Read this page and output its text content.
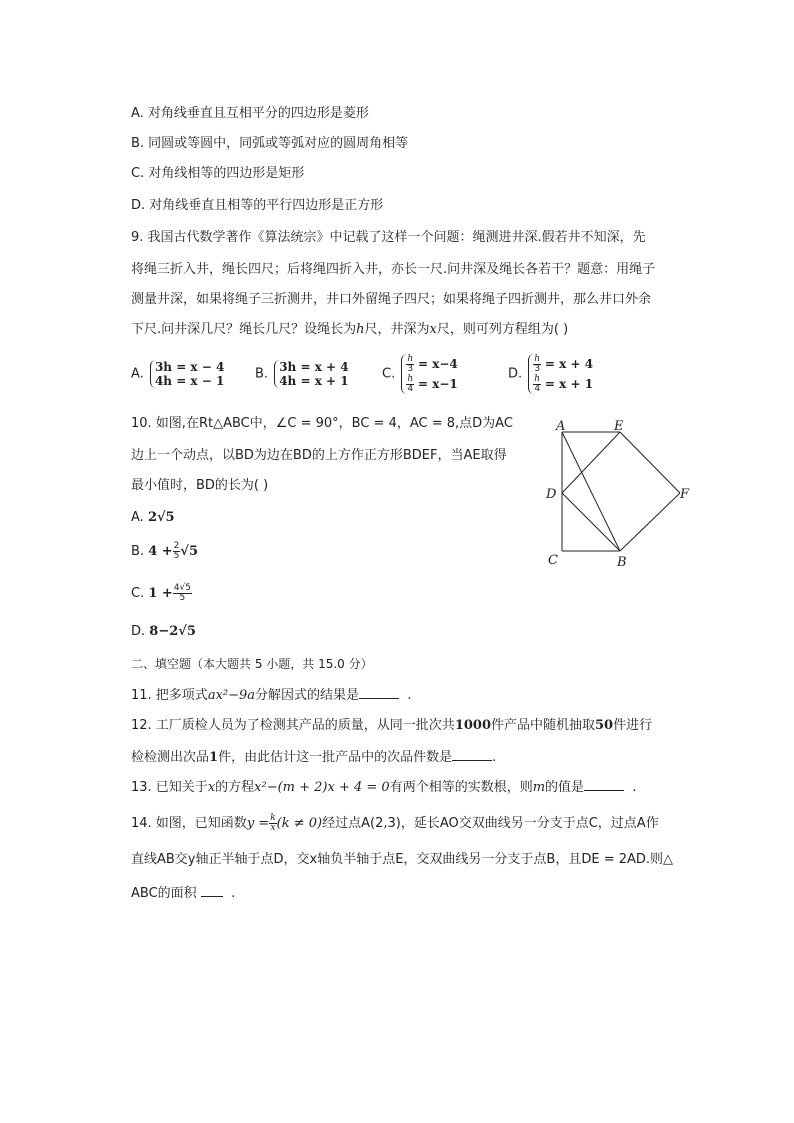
A. 对角线垂直且互相平分的四边形是菱形
B. 同圆或等圆中，同弧或等弧对应的圆周角相等
C. 对角线相等的四边形是矩形
D. 对角线垂直且相等的平行四边形是正方形
9. 我国古代数学著作《算法统宗》中记载了这样一个问题：绳测进井深.假若井不知深，先
将绳三折入井，绳长四尺；后将绳四折入井，亦长一尺.问井深及绳长各若干？题意：用绳子
测量井深，如果将绳子三折测井，井口外留绳子四尺；如果将绳子四折测井，那么井口外余
下尺.问井深几尺？绳长几尺？设绳长为h尺，井深为x尺，则可列方程组为( )
A. 3h = x − 4
4h = x − 1 B. 3h = x + 4
4h = x + 1	C. $\frac{h}{3} = x-4$
$\frac{h}{4} = x-1$
D. $\frac{h}{3} = x + 4$
$\frac{h}{4} = x + 1$
10. 如图,在Rt△ABC中，∠C = 90°，BC = 4，AC = 8,点D为AC
边上一个动点，以BD为边在BD的上方作正方形BDEF，当AE取得
最小值时，BD的长为( )
A. 2√5
B. $4 + \frac{2}{5} √5$
C. $1 + \frac{4√5}{5}$
D. 8−2√5
A	E
D	F
C	B
二、填空题（本大题共 5 小题，共 15.0 分）
11. 把多项式ax²−9a分解因式的结果是	.
12. 工厂质检人员为了检测其产品的质量，从同一批次共1000件产品中随机抽取50件进行
检检测出次品1件，由此估计这一批产品中的次品件数是	.
13. 已知关于x的方程x²−(m + 2)x + 4 = 0有两个相等的实数根，则m的值是	.
14. 如图，已知函数$y = \frac{k}{x} (k \ne 0)$经过点A(2,3)，延长AO交双曲线另一分支于点C，过点A作
直线AB交y轴正半轴于点D，交x轴负半轴于点E，交双曲线另一分支于点B，且DE = 2AD.则△
ABC的面积	.
